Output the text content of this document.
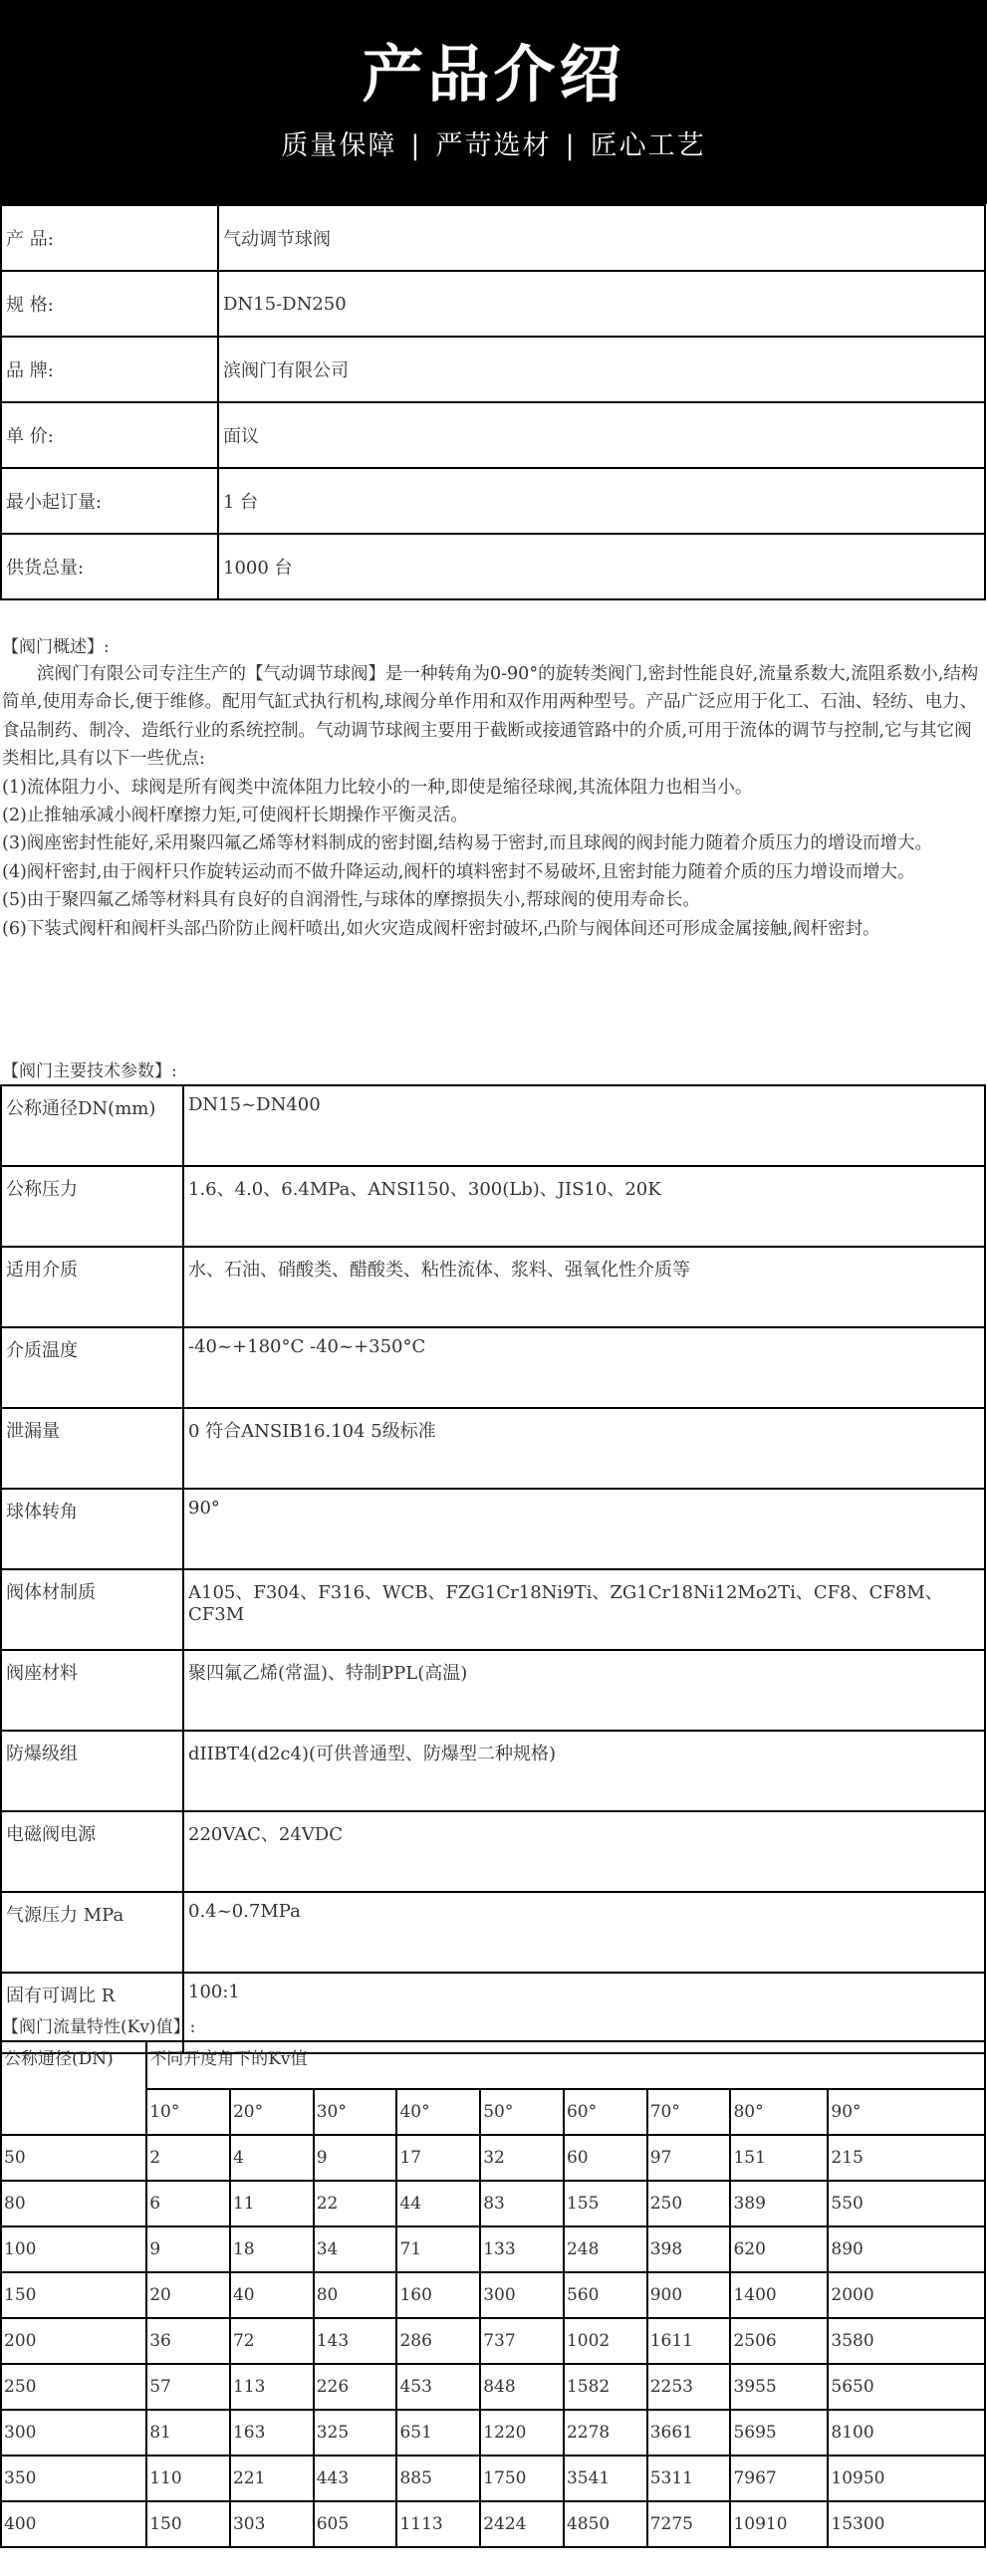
产品介绍
质量保障 | 严苛选材 | 匠心工艺
产 品:	气动调节球阀
规 格:	DN15-DN250
品 牌:	滨阀门有限公司
单 价:	面议
最小起订量:	1 台
供货总量:	1000 台
【阀门概述】:

滨阀门有限公司专注生产的【气动调节球阀】是一种转角为0-90°的旋转类阀门,密封性能良好,流量系数大,流阻系数小,结构简单,使用寿命长,便于维修。配用气缸式执行机构,球阀分单作用和双作用两种型号。产品广泛应用于化工、石油、轻纺、电力、食品制药、制冷、造纸行业的系统控制。气动调节球阀主要用于截断或接通管路中的介质,可用于流体的调节与控制,它与其它阀类相比,具有以下一些优点:

(1)流体阻力小、球阀是所有阀类中流体阻力比较小的一种,即使是缩径球阀,其流体阻力也相当小。

(2)止推轴承减小阀杆摩擦力矩,可使阀杆长期操作平衡灵活。

(3)阀座密封性能好,采用聚四氟乙烯等材料制成的密封圈,结构易于密封,而且球阀的阀封能力随着介质压力的增设而增大。

(4)阀杆密封,由于阀杆只作旋转运动而不做升降运动,阀杆的填料密封不易破坏,且密封能力随着介质的压力增设而增大。

(5)由于聚四氟乙烯等材料具有良好的自润滑性,与球体的摩擦损失小,帮球阀的使用寿命长。

(6)下装式阀杆和阀杆头部凸阶防止阀杆喷出,如火灾造成阀杆密封破坏,凸阶与阀体间还可形成金属接触,阀杆密封。

【阀门主要技术参数】:
公称通径DN(mm)	DN15~DN400
公称压力	1.6、4.0、6.4MPa、ANSI150、300(Lb)、JIS10、20K
适用介质	水、石油、硝酸类、醋酸类、粘性流体、浆料、强氧化性介质等
介质温度	-40~+180°C -40~+350°C
泄漏量	0 符合ANSIB16.104 5级标准
球体转角	90°
阀体材制质	A105、F304、F316、WCB、FZG1Cr18Ni9Ti、ZG1Cr18Ni12Mo2Ti、CF8、CF8M、CF3M
阀座材料	聚四氟乙烯(常温)、特制PPL(高温)
防爆级组	dIIBT4(d2c4)(可供普通型、防爆型二种规格)
电磁阀电源	220VAC、24VDC
气源压力 MPa	0.4~0.7MPa
固有可调比 R	100:1
【阀门流量特性(Kv)值】:
公称通径(DN)	不同开度角下的Kv值								
	10°	20°	30°	40°	50°	60°	70°	80°	90°
50	2	4	9	17	32	60	97	151	215
80	6	11	22	44	83	155	250	389	550
100	9	18	34	71	133	248	398	620	890
150	20	40	80	160	300	560	900	1400	2000
200	36	72	143	286	737	1002	1611	2506	3580
250	57	113	226	453	848	1582	2253	3955	5650
300	81	163	325	651	1220	2278	3661	5695	8100
350	110	221	443	885	1750	3541	5311	7967	10950
400	150	303	605	1113	2424	4850	7275	10910	15300
